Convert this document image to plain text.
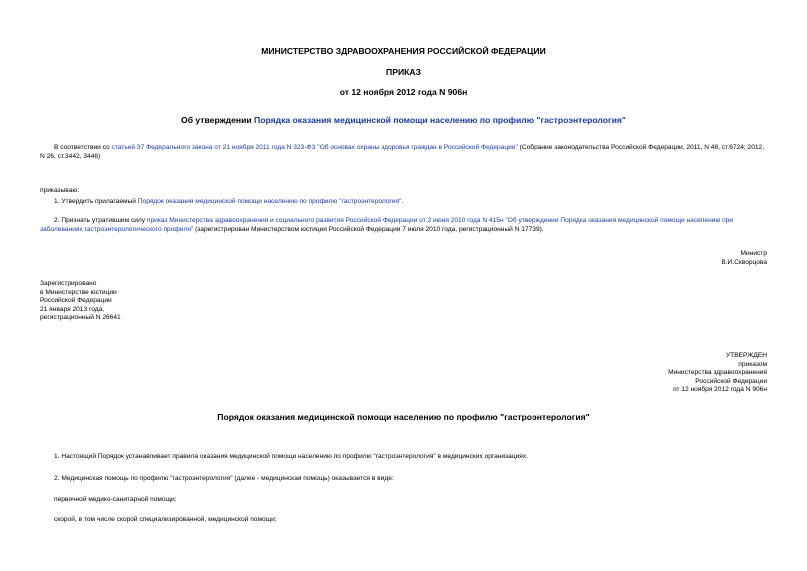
МИНИСТЕРСТВО ЗДРАВООХРАНЕНИЯ РОССИЙСКОЙ ФЕДЕРАЦИИ
ПРИКАЗ
от 12 ноября 2012 года N 906н
Об утверждении Порядка оказания медицинской помощи населению по профилю "гастроэнтерология"
В соответствии со статьей 37 Федерального закона от 21 ноября 2011 года N 323-ФЗ "Об основах охраны здоровья граждан в Российской Федерации" (Собрание законодательства Российской Федерации, 2011, N 48, ст.6724; 2012, N 26, ст.3442, 3446)
приказываю:
1. Утвердить прилагаемый Порядок оказания медицинской помощи населению по профилю "гастроэнтерология".
2. Признать утратившим силу приказ Министерства здравоохранения и социального развития Российской Федерации от 2 июня 2010 года N 415н "Об утверждении Порядка оказания медицинской помощи населению при заболеваниях гастроэнтерологического профиля" (зарегистрирован Министерством юстиции Российской Федерации 7 июля 2010 года, регистрационный N 17739).
Министр
В.И.Скворцова
Зарегистрировано
в Министерстве юстиции
Российской Федерации
21 января 2013 года,
регистрационный N 26641
УТВЕРЖДЕН
приказом
Министерства здравоохранения
Российской Федерации
от 12 ноября 2012 года N 906н
Порядок оказания медицинской помощи населению по профилю "гастроэнтерология"
1. Настоящий Порядок устанавливает правила оказания медицинской помощи населению по профилю "гастроэнтерология" в медицинских организациях.
2. Медицинская помощь по профилю "гастроэнтерология" (далее - медицинская помощь) оказывается в виде:
первичной медико-санитарной помощи;
скорой, в том числе скорой специализированной, медицинской помощи;
